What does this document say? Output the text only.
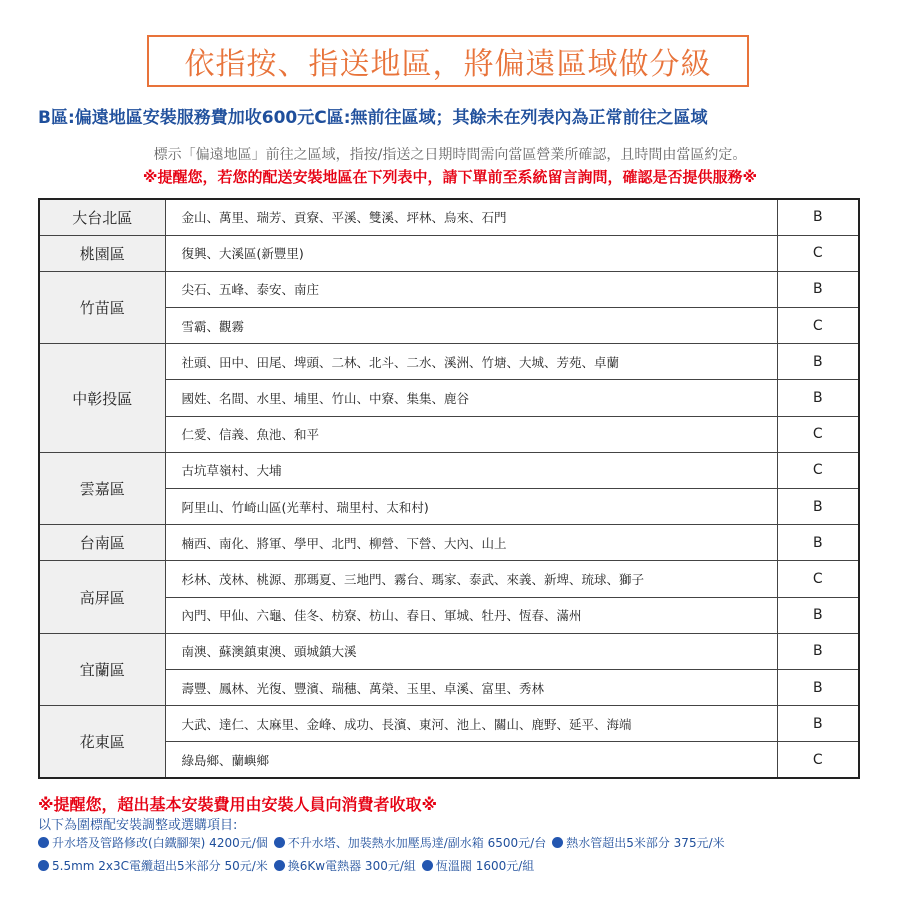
依指按、指送地區，將偏遠區域做分級
B區:偏遠地區安裝服務費加收600元C區:無前往區域；其餘未在列表內為正常前往之區域
標示「偏遠地區」前往之區域，指按/指送之日期時間需向當區營業所確認，且時間由當區約定。
※提醒您，若您的配送安裝地區在下列表中，請下單前至系統留言詢問，確認是否提供服務※
大台北區	金山、萬里、瑞芳、貢寮、平溪、雙溪、坪林、烏來、石門	B
桃園區	復興、大溪區(新豐里)	C
竹苗區	尖石、五峰、泰安、南庄	B
	雪霸、觀霧	C
中彰投區	社頭、田中、田尾、埤頭、二林、北斗、二水、溪洲、竹塘、大城、芳苑、卓蘭	B
	國姓、名間、水里、埔里、竹山、中寮、集集、鹿谷	B
	仁愛、信義、魚池、和平	C
雲嘉區	古坑草嶺村、大埔	C
	阿里山、竹崎山區(光華村、瑞里村、太和村)	B
台南區	楠西、南化、將軍、學甲、北門、柳營、下營、大內、山上	B
高屏區	杉林、茂林、桃源、那瑪夏、三地門、霧台、瑪家、泰武、來義、新埤、琉球、獅子	C
	內門、甲仙、六龜、佳冬、枋寮、枋山、春日、軍城、牡丹、恆春、滿州	B
宜蘭區	南澳、蘇澳鎮東澳、頭城鎮大溪	B
	壽豐、鳳林、光復、豐濱、瑞穗、萬榮、玉里、卓溪、富里、秀林	B
花東區	大武、達仁、太麻里、金峰、成功、長濱、東河、池上、關山、鹿野、延平、海端	B
	綠島鄉、蘭嶼鄉	C
※提醒您，超出基本安裝費用由安裝人員向消費者收取※
以下為圍標配安裝調整或選購項目:
升水塔及管路修改(白鐵腳架) 4200元/個 不升水塔、加裝熱水加壓馬達/副水箱 6500元/台 熱水管超出5米部分 375元/米
5.5mm 2x3C電纜超出5米部分 50元/米 換6Kw電熱器 300元/組 恆溫閥 1600元/組
